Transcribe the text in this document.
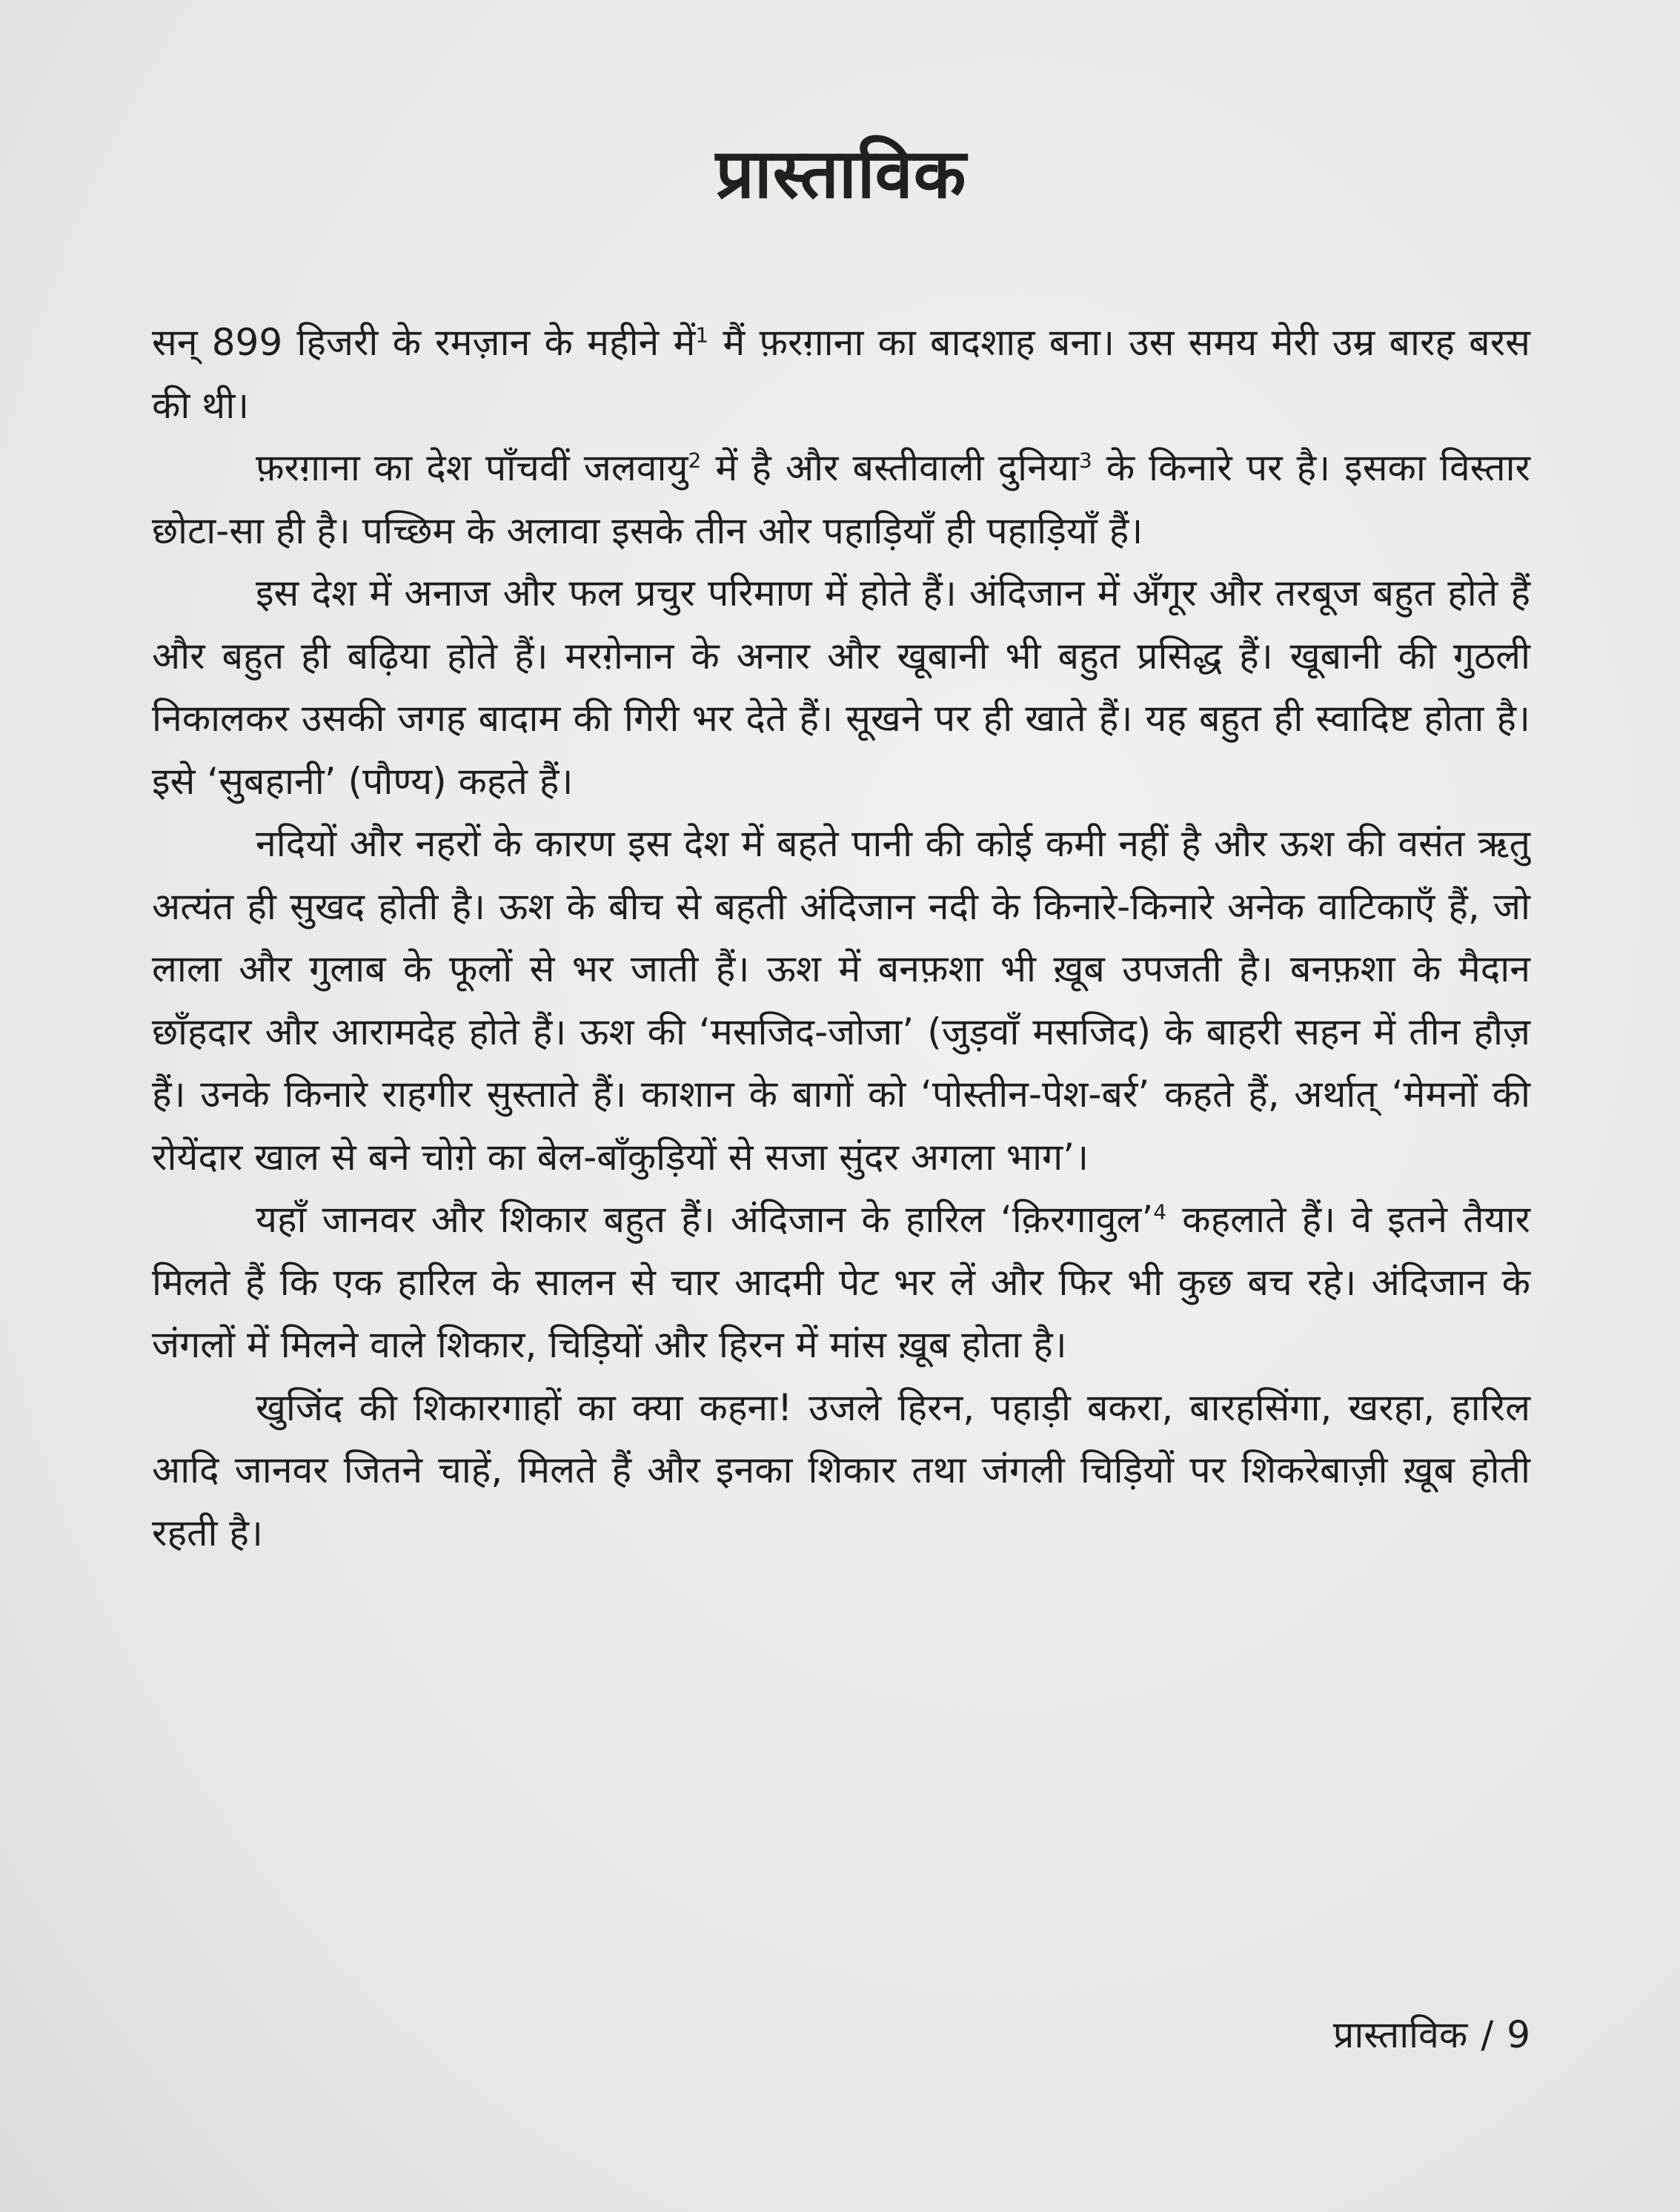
प्रास्ताविक

सन् 899 हिजरी के रमज़ान के महीने में$^1$ मैं फ़रग़ाना का बादशाह बना। उस समय मेरी उम्र बारह बरस की थी।

फ़रग़ाना का देश पाँचवीं जलवायु$^2$ में है और बस्तीवाली दुनिया$^3$ के किनारे पर है। इसका विस्तार छोटा-सा ही है। पच्छिम के अलावा इसके तीन ओर पहाड़ियाँ ही पहाड़ियाँ हैं।

इस देश में अनाज और फल प्रचुर परिमाण में होते हैं। अंदिजान में अँगूर और तरबूज बहुत होते हैं और बहुत ही बढ़िया होते हैं। मरग़ेनान के अनार और खूबानी भी बहुत प्रसिद्ध हैं। खूबानी की गुठली निकालकर उसकी जगह बादाम की गिरी भर देते हैं। सूखने पर ही खाते हैं। यह बहुत ही स्वादिष्ट होता है। इसे ‘सुबहानी’ (पौण्य) कहते हैं।

नदियों और नहरों के कारण इस देश में बहते पानी की कोई कमी नहीं है और ऊश की वसंत ऋतु अत्यंत ही सुखद होती है। ऊश के बीच से बहती अंदिजान नदी के किनारे-किनारे अनेक वाटिकाएँ हैं, जो लाला और गुलाब के फूलों से भर जाती हैं। ऊश में बनफ़शा भी ख़ूब उपजती है। बनफ़शा के मैदान छाँहदार और आरामदेह होते हैं। ऊश की ‘मसजिद-जोजा’ (जुड़वाँ मसजिद) के बाहरी सहन में तीन हौज़ हैं। उनके किनारे राहगीर सुस्ताते हैं। काशान के बागों को ‘पोस्तीन-पेश-बर्र’ कहते हैं, अर्थात् ‘मेमनों की रोयेंदार खाल से बने चोग़े का बेल-बाँकुड़ियों से सजा सुंदर अगला भाग’।

यहाँ जानवर और शिकार बहुत हैं। अंदिजान के हारिल ‘क़िरगावुल’$^4$ कहलाते हैं। वे इतने तैयार मिलते हैं कि एक हारिल के सालन से चार आदमी पेट भर लें और फिर भी कुछ बच रहे। अंदिजान के जंगलों में मिलने वाले शिकार, चिड़ियों और हिरन में मांस ख़ूब होता है।

खुजिंद की शिकारगाहों का क्या कहना! उजले हिरन, पहाड़ी बकरा, बारहसिंगा, खरहा, हारिल आदि जानवर जितने चाहें, मिलते हैं और इनका शिकार तथा जंगली चिड़ियों पर शिकरेबाज़ी ख़ूब होती रहती है।

प्रास्ताविक / 9
